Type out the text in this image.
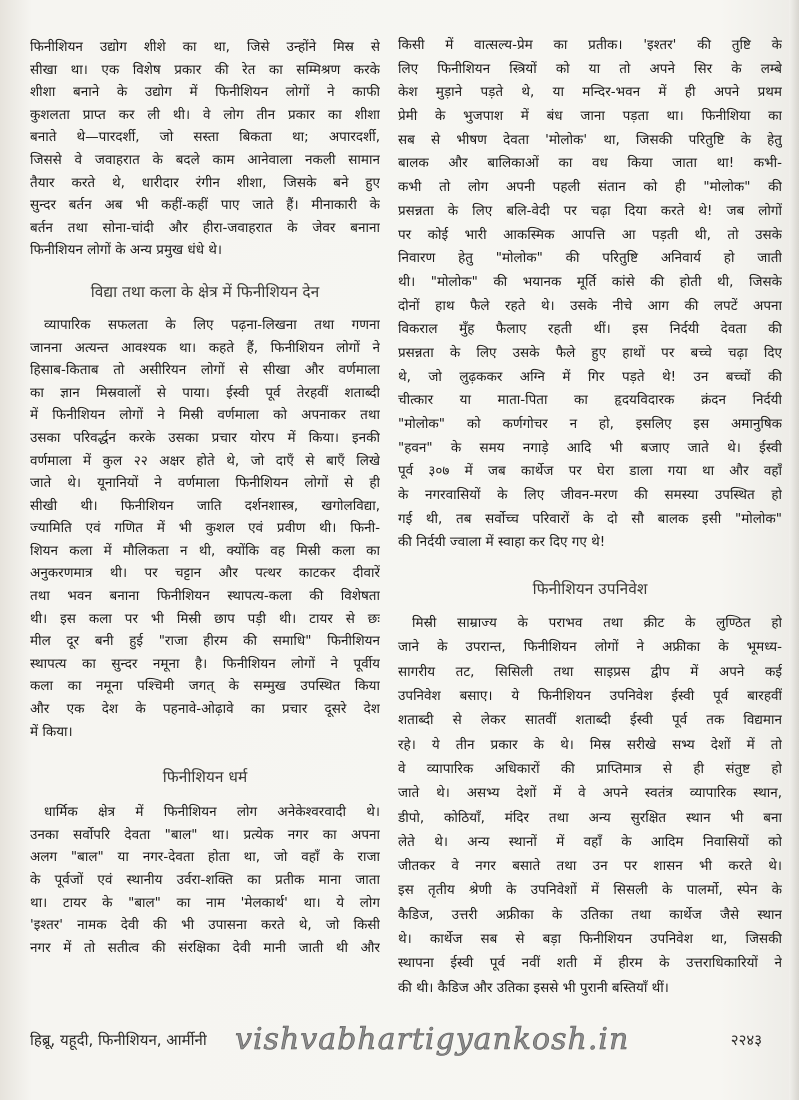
फिनीशियन उद्योग शीशे का था, जिसे उन्होंने मिस्र से
सीखा था। एक विशेष प्रकार की रेत का सम्मिश्रण करके
शीशा बनाने के उद्योग में फिनीशियन लोगों ने काफी
कुशलता प्राप्त कर ली थी। वे लोग तीन प्रकार का शीशा
बनाते थे—पारदर्शी, जो सस्ता बिकता था; अपारदर्शी,
जिससे वे जवाहरात के बदले काम आनेवाला नकली सामान
तैयार करते थे, धारीदार रंगीन शीशा, जिसके बने हुए
सुन्दर बर्तन अब भी कहीं-कहीं पाए जाते हैं। मीनाकारी के
बर्तन तथा सोना-चांदी और हीरा-जवाहरात के जेवर बनाना
फिनीशियन लोगों के अन्य प्रमुख धंधे थे।
विद्या तथा कला के क्षेत्र में फिनीशियन देन
व्यापारिक सफलता के लिए पढ़ना-लिखना तथा गणना
जानना अत्यन्त आवश्यक था। कहते हैं, फिनीशियन लोगों ने
हिसाब-किताब तो असीरियन लोगों से सीखा और वर्णमाला
का ज्ञान मिस्रवालों से पाया। ईस्वी पूर्व तेरहवीं शताब्दी
में फिनीशियन लोगों ने मिस्री वर्णमाला को अपनाकर तथा
उसका परिवर्द्धन करके उसका प्रचार योरप में किया। इनकी
वर्णमाला में कुल २२ अक्षर होते थे, जो दाएँ से बाएँ लिखे
जाते थे। यूनानियों ने वर्णमाला फिनीशियन लोगों से ही
सीखी थी। फिनीशियन जाति दर्शनशास्त्र, खगोलविद्या,
ज्यामिति एवं गणित में भी कुशल एवं प्रवीण थी। फिनी-
शियन कला में मौलिकता न थी, क्योंकि वह मिस्री कला का
अनुकरणमात्र थी। पर चट्टान और पत्थर काटकर दीवारें
तथा भवन बनाना फिनीशियन स्थापत्य-कला की विशेषता
थी। इस कला पर भी मिस्री छाप पड़ी थी। टायर से छः
मील दूर बनी हुई "राजा हीरम की समाधि" फिनीशियन
स्थापत्य का सुन्दर नमूना है। फिनीशियन लोगों ने पूर्वीय
कला का नमूना पश्चिमी जगत् के सम्मुख उपस्थित किया
और एक देश के पहनावे-ओढ़ावे का प्रचार दूसरे देश
में किया।
फिनीशियन धर्म
धार्मिक क्षेत्र में फिनीशियन लोग अनेकेश्वरवादी थे।
उनका सर्वोपरि देवता "बाल" था। प्रत्येक नगर का अपना
अलग "बाल" या नगर-देवता होता था, जो वहाँ के राजा
के पूर्वजों एवं स्थानीय उर्वरा-शक्ति का प्रतीक माना जाता
था। टायर के "बाल" का नाम 'मेलकार्थ' था। ये लोग
'इश्तर' नामक देवी की भी उपासना करते थे, जो किसी
नगर में तो सतीत्व की संरक्षिका देवी मानी जाती थी और
किसी में वात्सल्य-प्रेम का प्रतीक। 'इश्तर' की तुष्टि के
लिए फिनीशियन स्त्रियों को या तो अपने सिर के लम्बे
केश मुड़ाने पड़ते थे, या मन्दिर-भवन में ही अपने प्रथम
प्रेमी के भुजपाश में बंध जाना पड़ता था। फिनीशिया का
सब से भीषण देवता 'मोलोक' था, जिसकी परितुष्टि के हेतु
बालक और बालिकाओं का वध किया जाता था! कभी-
कभी तो लोग अपनी पहली संतान को ही "मोलोक" की
प्रसन्नता के लिए बलि-वेदी पर चढ़ा दिया करते थे! जब लोगों
पर कोई भारी आकस्मिक आपत्ति आ पड़ती थी, तो उसके
निवारण हेतु "मोलोक" की परितुष्टि अनिवार्य हो जाती
थी। "मोलोक" की भयानक मूर्ति कांसे की होती थी, जिसके
दोनों हाथ फैले रहते थे। उसके नीचे आग की लपटें अपना
विकराल मुँह फैलाए रहती थीं। इस निर्दयी देवता की
प्रसन्नता के लिए उसके फैले हुए हाथों पर बच्चे चढ़ा दिए
थे, जो लुढ़ककर अग्नि में गिर पड़ते थे! उन बच्चों की
चीत्कार या माता-पिता का हृदयविदारक क्रंदन निर्दयी
"मोलोक" को कर्णगोचर न हो, इसलिए इस अमानुषिक
"हवन" के समय नगाड़े आदि भी बजाए जाते थे। ईस्वी
पूर्व ३०७ में जब कार्थेज पर घेरा डाला गया था और वहाँ
के नगरवासियों के लिए जीवन-मरण की समस्या उपस्थित हो
गई थी, तब सर्वोच्च परिवारों के दो सौ बालक इसी "मोलोक"
की निर्दयी ज्वाला में स्वाहा कर दिए गए थे!
फिनीशियन उपनिवेश
मिस्री साम्राज्य के पराभव तथा क्रीट के लुण्ठित हो
जाने के उपरान्त, फिनीशियन लोगों ने अफ्रीका के भूमध्य-
सागरीय तट, सिसिली तथा साइप्रस द्वीप में अपने कई
उपनिवेश बसाए। ये फिनीशियन उपनिवेश ईस्वी पूर्व बारहवीं
शताब्दी से लेकर सातवीं शताब्दी ईस्वी पूर्व तक विद्यमान
रहे। ये तीन प्रकार के थे। मिस्र सरीखे सभ्य देशों में तो
वे व्यापारिक अधिकारों की प्राप्तिमात्र से ही संतुष्ट हो
जाते थे। असभ्य देशों में वे अपने स्वतंत्र व्यापारिक स्थान,
डीपो, कोठियाँ, मंदिर तथा अन्य सुरक्षित स्थान भी बना
लेते थे। अन्य स्थानों में वहाँ के आदिम निवासियों को
जीतकर वे नगर बसाते तथा उन पर शासन भी करते थे।
इस तृतीय श्रेणी के उपनिवेशों में सिसली के पालर्मो, स्पेन के
कैडिज, उत्तरी अफ्रीका के उतिका तथा कार्थेज जैसे स्थान
थे। कार्थेज सब से बड़ा फिनीशियन उपनिवेश था, जिसकी
स्थापना ईस्वी पूर्व नवीं शती में हीरम के उत्तराधिकारियों ने
की थी। कैडिज और उतिका इससे भी पुरानी बस्तियाँ थीं।
हिब्रू, यहूदी, फिनीशियन, आर्मीनी vishvabhartigyankosh.in	२२४३
